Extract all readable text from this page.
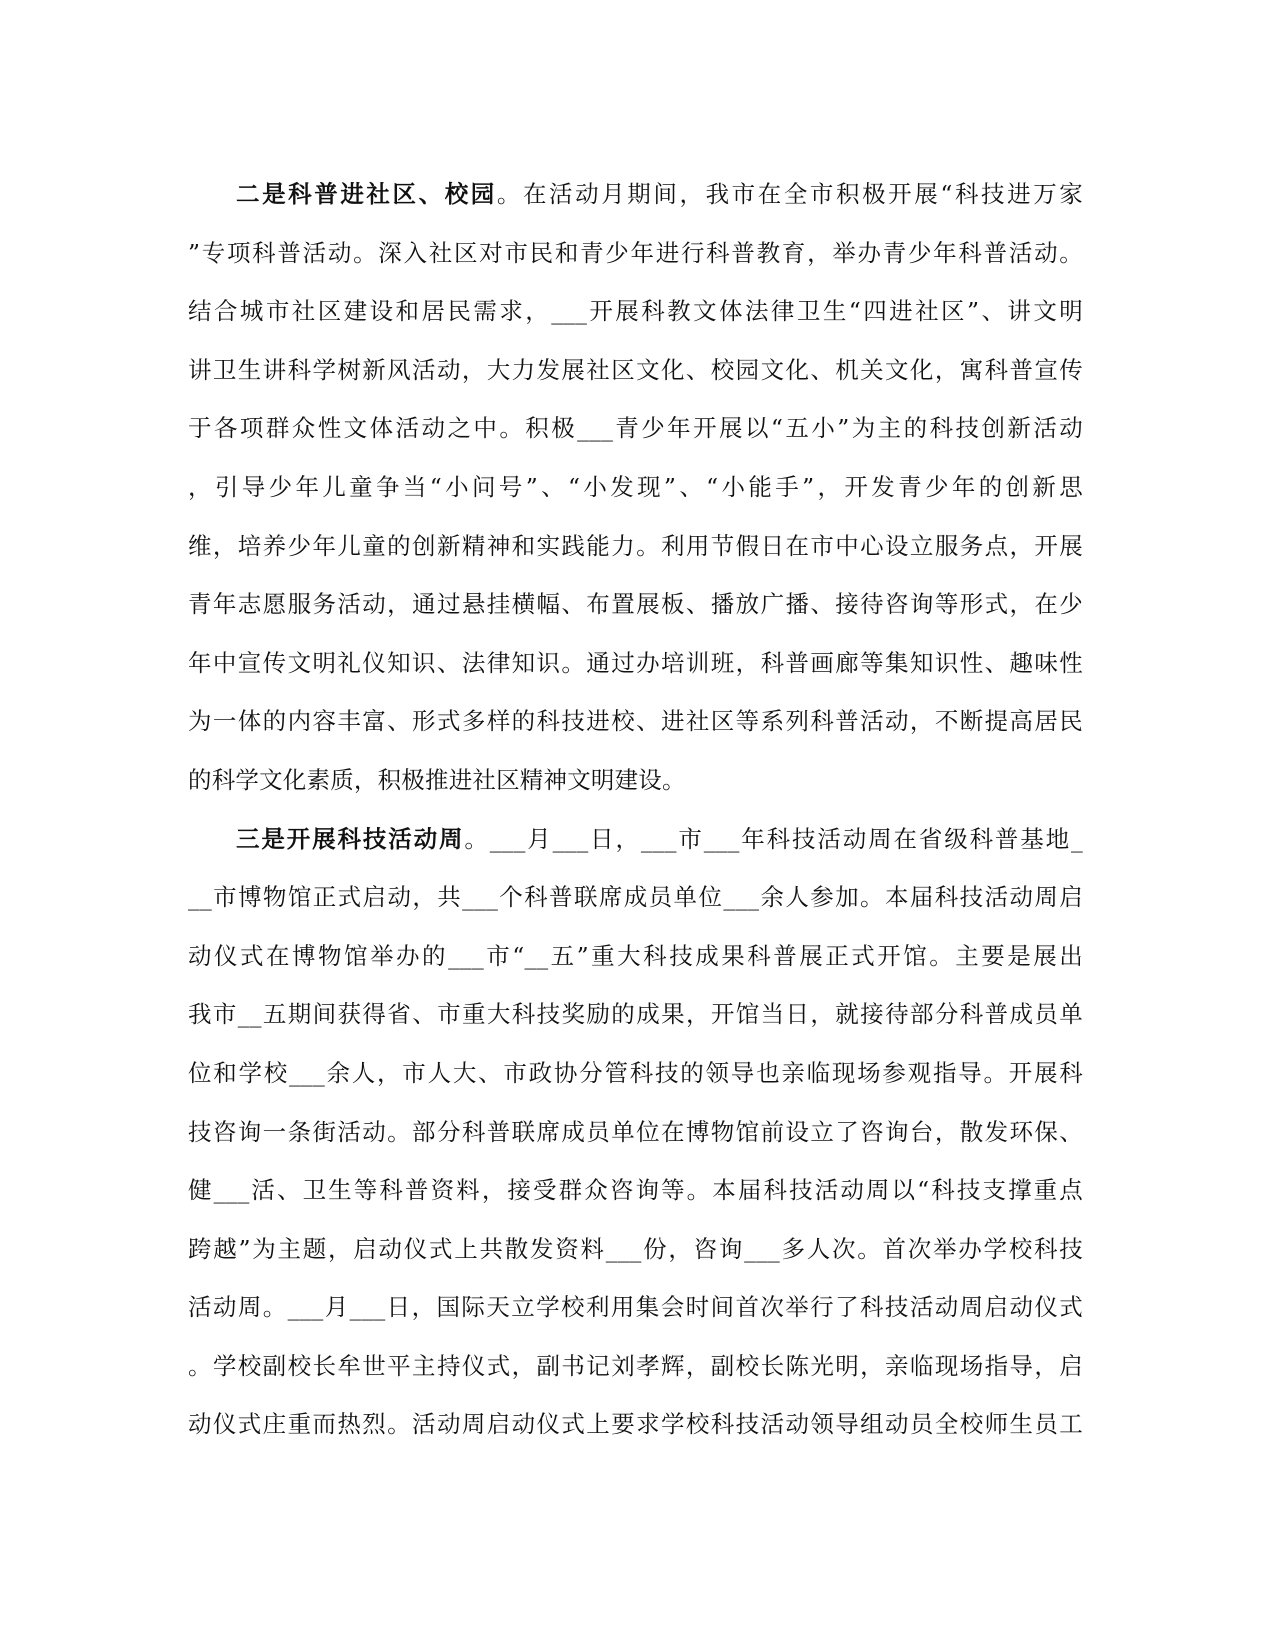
二是科普进社区、校园。在活动月期间，我市在全市积极开展“科技进万家
”专项科普活动。深入社区对市民和青少年进行科普教育，举办青少年科普活动。
结合城市社区建设和居民需求，___开展科教文体法律卫生“四进社区”、讲文明
讲卫生讲科学树新风活动，大力发展社区文化、校园文化、机关文化，寓科普宣传
于各项群众性文体活动之中。积极___青少年开展以“五小”为主的科技创新活动
，引导少年儿童争当“小问号”、“小发现”、“小能手”，开发青少年的创新思
维，培养少年儿童的创新精神和实践能力。利用节假日在市中心设立服务点，开展
青年志愿服务活动，通过悬挂横幅、布置展板、播放广播、接待咨询等形式，在少
年中宣传文明礼仪知识、法律知识。通过办培训班，科普画廊等集知识性、趣味性
为一体的内容丰富、形式多样的科技进校、进社区等系列科普活动，不断提高居民
的科学文化素质，积极推进社区精神文明建设。
三是开展科技活动周。___月___日，___市___年科技活动周在省级科普基地_
__市博物馆正式启动，共___个科普联席成员单位___余人参加。本届科技活动周启
动仪式在博物馆举办的___市“__五”重大科技成果科普展正式开馆。主要是展出
我市__五期间获得省、市重大科技奖励的成果，开馆当日，就接待部分科普成员单
位和学校___余人，市人大、市政协分管科技的领导也亲临现场参观指导。开展科
技咨询一条街活动。部分科普联席成员单位在博物馆前设立了咨询台，散发环保、
健___活、卫生等科普资料，接受群众咨询等。本届科技活动周以“科技支撑重点
跨越”为主题，启动仪式上共散发资料___份，咨询___多人次。首次举办学校科技
活动周。___月___日，国际天立学校利用集会时间首次举行了科技活动周启动仪式
。学校副校长牟世平主持仪式，副书记刘孝辉，副校长陈光明，亲临现场指导，启
动仪式庄重而热烈。活动周启动仪式上要求学校科技活动领导组动员全校师生员工
